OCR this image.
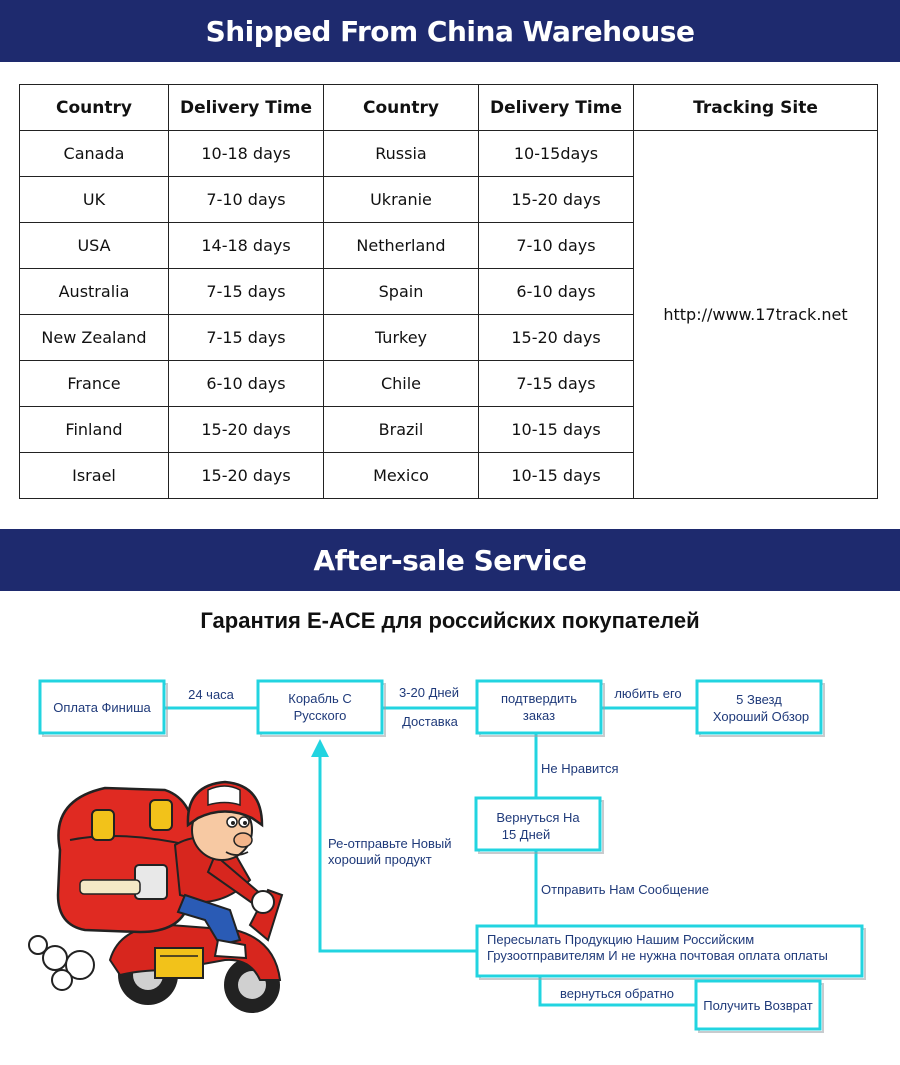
Shipped From China Warehouse
Country	Delivery Time	Country	Delivery Time	Tracking Site
Canada	10-18 days	Russia	10-15days	http://www.17track.net
UK	7-10 days	Ukranie	15-20 days	
USA	14-18 days	Netherland	7-10 days	
Australia	7-15 days	Spain	6-10 days	
New Zealand	7-15 days	Turkey	15-20 days	
France	6-10 days	Chile	7-15 days	
Finland	15-20 days	Brazil	10-15 days	
Israel	15-20 days	Mexico	10-15 days	
After-sale Service
Гарантия E-ACE для российских покупателей
Оплата Финиша
Корабль С
Русского
подтвердить
заказ
5 Звезд
Хороший Обзор
Вернуться На
15 Дней
Пересылать Продукцию Нашим Российским
Грузоотправителям И не нужна почтовая оплата оплаты
Получить Возврат
24 часа	3-20 Дней
Доставка
любить его
Не Нравится
Ре-отправьте Новый
хороший продукт
Отправить Нам Сообщение
вернуться обратно
